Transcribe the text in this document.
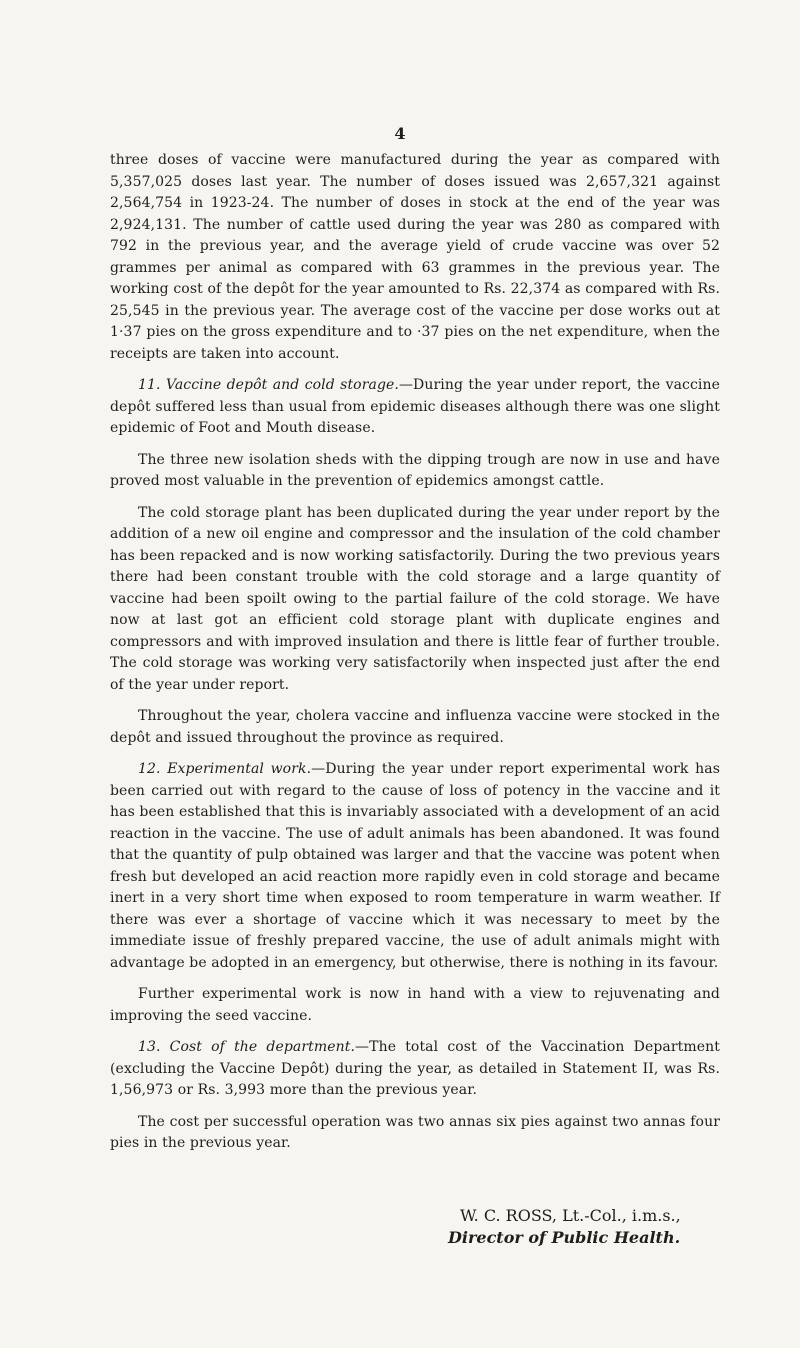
4

three doses of vaccine were manufactured during the year as compared with 5,357,025 doses last year. The number of doses issued was 2,657,321 against 2,564,754 in 1923-24. The number of doses in stock at the end of the year was 2,924,131. The number of cattle used during the year was 280 as compared with 792 in the previous year, and the average yield of crude vaccine was over 52 grammes per animal as compared with 63 grammes in the previous year. The working cost of the depôt for the year amounted to Rs. 22,374 as compared with Rs. 25,545 in the previous year. The average cost of the vaccine per dose works out at 1·37 pies on the gross expenditure and to ·37 pies on the net expenditure, when the receipts are taken into account.

11. Vaccine depôt and cold storage.—During the year under report, the vaccine depôt suffered less than usual from epidemic diseases although there was one slight epidemic of Foot and Mouth disease.

The three new isolation sheds with the dipping trough are now in use and have proved most valuable in the prevention of epidemics amongst cattle.

The cold storage plant has been duplicated during the year under report by the addition of a new oil engine and compressor and the insulation of the cold chamber has been repacked and is now working satisfactorily. During the two previous years there had been constant trouble with the cold storage and a large quantity of vaccine had been spoilt owing to the partial failure of the cold storage. We have now at last got an efficient cold storage plant with duplicate engines and compressors and with improved insulation and there is little fear of further trouble. The cold storage was working very satisfactorily when inspected just after the end of the year under report.

Throughout the year, cholera vaccine and influenza vaccine were stocked in the depôt and issued throughout the province as required.

12. Experimental work.—During the year under report experimental work has been carried out with regard to the cause of loss of potency in the vaccine and it has been established that this is invariably associated with a development of an acid reaction in the vaccine. The use of adult animals has been abandoned. It was found that the quantity of pulp obtained was larger and that the vaccine was potent when fresh but developed an acid reaction more rapidly even in cold storage and became inert in a very short time when exposed to room temperature in warm weather. If there was ever a shortage of vaccine which it was necessary to meet by the immediate issue of freshly prepared vaccine, the use of adult animals might with advantage be adopted in an emergency, but otherwise, there is nothing in its favour.

Further experimental work is now in hand with a view to rejuvenating and improving the seed vaccine.

13. Cost of the department.—The total cost of the Vaccination Department (excluding the Vaccine Depôt) during the year, as detailed in Statement II, was Rs. 1,56,973 or Rs. 3,993 more than the previous year.

The cost per successful operation was two annas six pies against two annas four pies in the previous year.

W. C. ROSS, Lt.-Col., i.m.s.,
Director of Public Health.
